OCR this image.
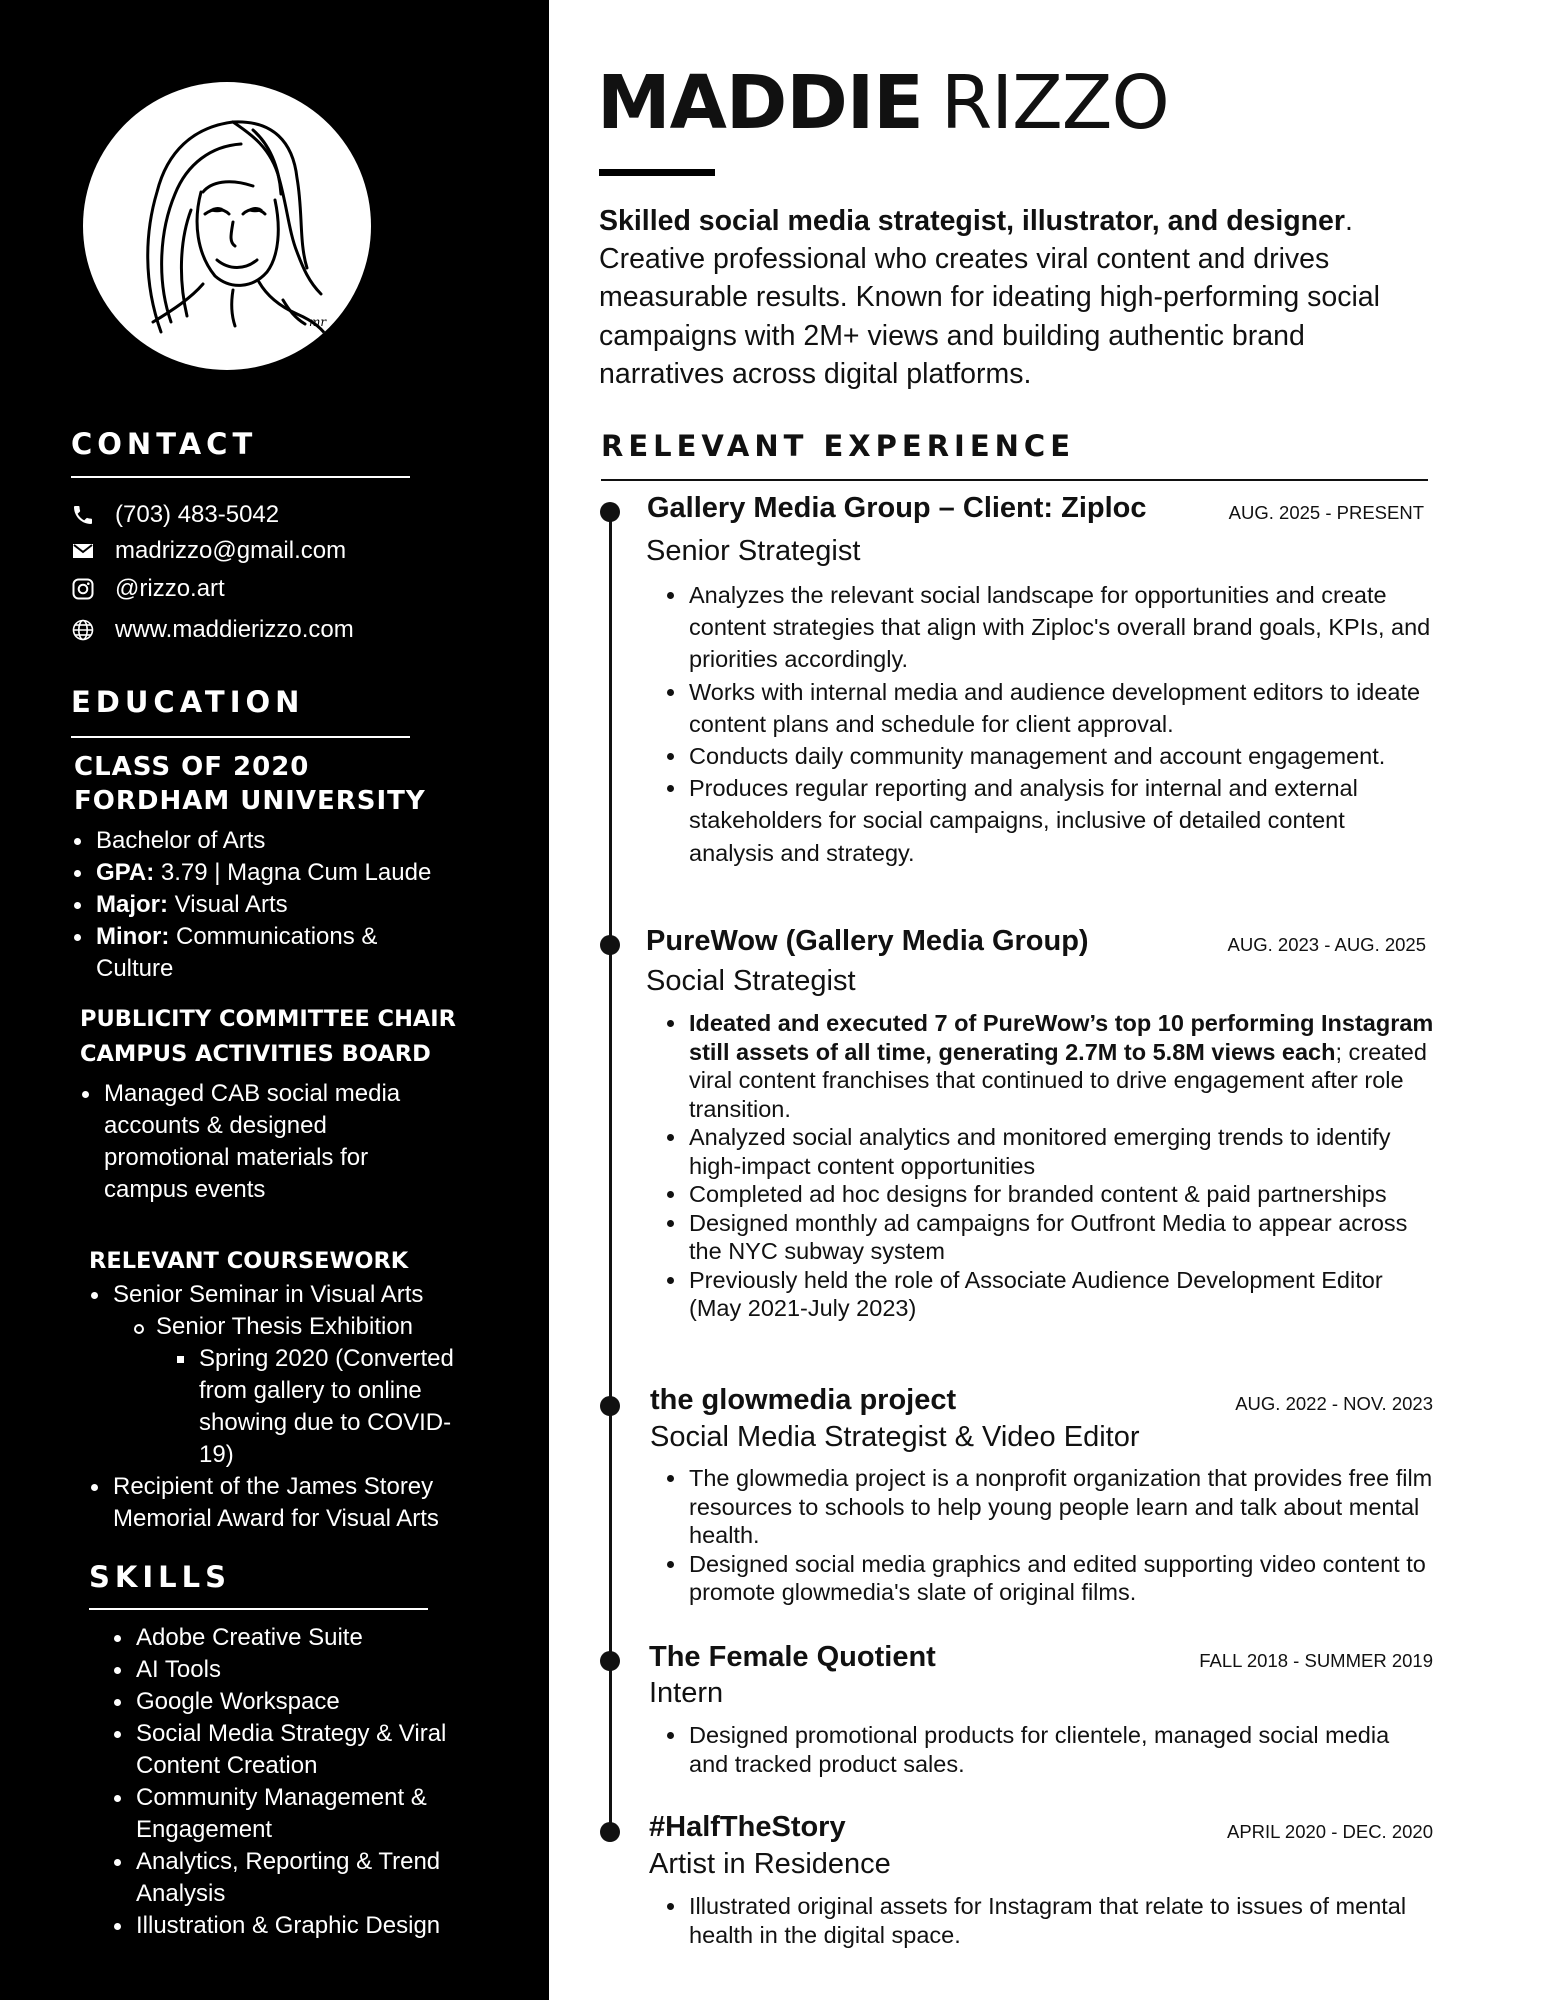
mr
CONTACT
(703) 483-5042
madrizzo@gmail.com
@rizzo.art
www.maddierizzo.com
EDUCATION
CLASS OF 2020
FORDHAM UNIVERSITY
Bachelor of Arts
GPA: 3.79 | Magna Cum Laude
Major: Visual Arts
Minor: Communications & Culture
PUBLICITY COMMITTEE CHAIR
CAMPUS ACTIVITIES BOARD
Managed CAB social media accounts & designed promotional materials for campus events
RELEVANT COURSEWORK
Senior Seminar in Visual Arts
Senior Thesis Exhibition
Spring 2020 (Converted from gallery to online showing due to COVID-19)
Recipient of the James Storey Memorial Award for Visual Arts
SKILLS
Adobe Creative Suite
AI Tools
Google Workspace
Social Media Strategy & Viral Content Creation
Community Management & Engagement
Analytics, Reporting & Trend Analysis
Illustration & Graphic Design
MADDIE RIZZO
Skilled social media strategist, illustrator, and designer. Creative professional who creates viral content and drives measurable results. Known for ideating high-performing social campaigns with 2M+ views and building authentic brand narratives across digital platforms.
RELEVANT EXPERIENCE
Gallery Media Group – Client: Ziploc	AUG. 2025 - PRESENT
Senior Strategist
Analyzes the relevant social landscape for opportunities and create content strategies that align with Ziploc's overall brand goals, KPIs, and priorities accordingly.
Works with internal media and audience development editors to ideate content plans and schedule for client approval.
Conducts daily community management and account engagement.
Produces regular reporting and analysis for internal and external stakeholders for social campaigns, inclusive of detailed content analysis and strategy.
PureWow (Gallery Media Group)	AUG. 2023 - AUG. 2025
Social Strategist
Ideated and executed 7 of PureWow’s top 10 performing Instagram still assets of all time, generating 2.7M to 5.8M views each; created viral content franchises that continued to drive engagement after role transition.
Analyzed social analytics and monitored emerging trends to identify high-impact content opportunities
Completed ad hoc designs for branded content & paid partnerships
Designed monthly ad campaigns for Outfront Media to appear across the NYC subway system
Previously held the role of Associate Audience Development Editor (May 2021-July 2023)
the glowmedia project	AUG. 2022 - NOV. 2023
Social Media Strategist & Video Editor
The glowmedia project is a nonprofit organization that provides free film resources to schools to help young people learn and talk about mental health.
Designed social media graphics and edited supporting video content to promote glowmedia's slate of original films.
The Female Quotient	FALL 2018 - SUMMER 2019
Intern
Designed promotional products for clientele, managed social media and tracked product sales.
#HalfTheStory	APRIL 2020 - DEC. 2020
Artist in Residence
Illustrated original assets for Instagram that relate to issues of mental health in the digital space.
